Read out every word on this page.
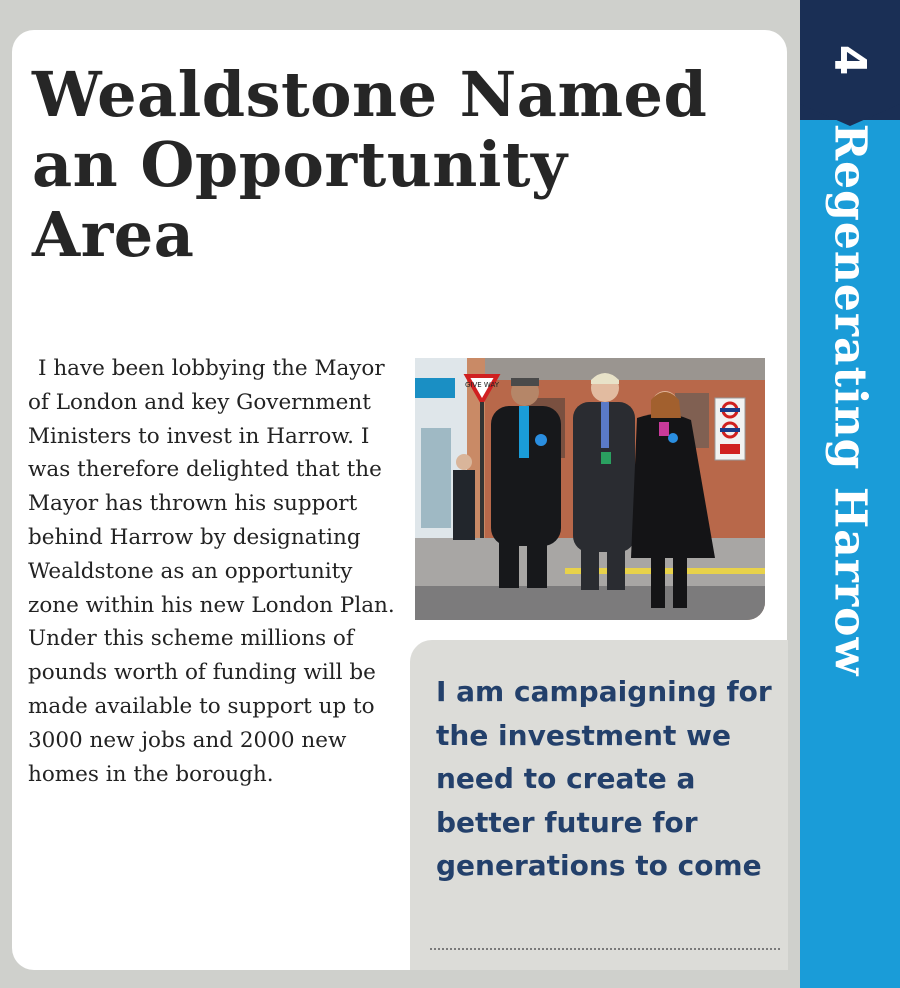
Wealdstone Named an Opportunity Area

I have been lobbying the Mayor of London and key Government Ministers to invest in Harrow. I was therefore delighted that the Mayor has thrown his support behind Harrow by designating Wealdstone as an opportunity zone within his new London Plan. Under this scheme millions of pounds worth of funding will be made available to support up to 3000 new jobs and 2000 new homes in the borough.

GIVE WAY

I am campaigning for the investment we need to create a better future for generations to come

4
Regenerating Harrow
